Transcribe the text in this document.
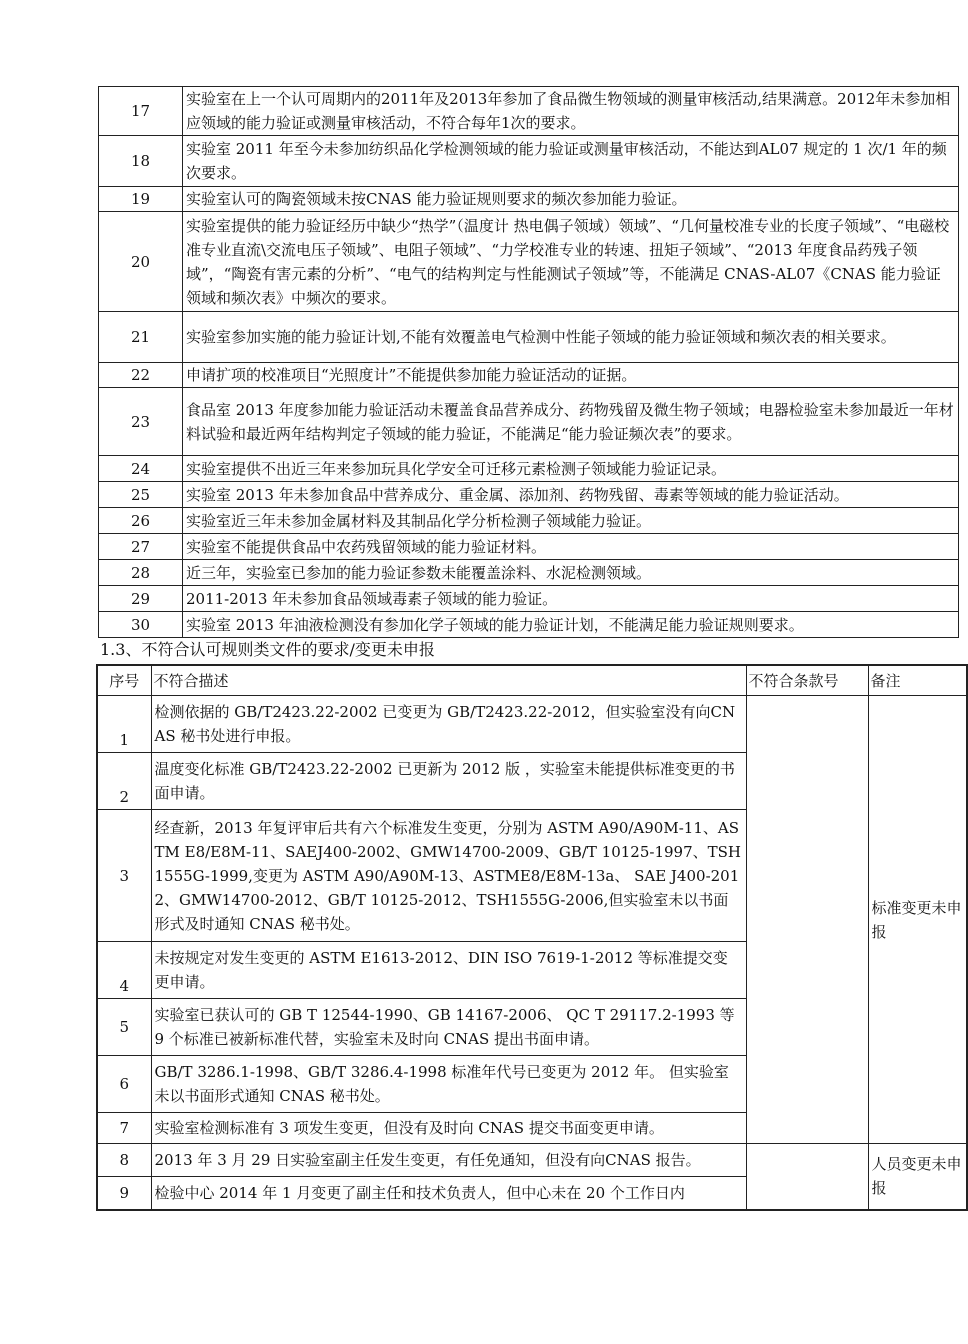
17	实验室在上一个认可周期内的2011年及2013年参加了食品微生物领域的测量审核活动,结果满意。2012年未参加相应领域的能力验证或测量审核活动，不符合每年1次的要求。
18	实验室 2011 年至今未参加纺织品化学检测领域的能力验证或测量审核活动，不能达到AL07 规定的 1 次/1 年的频次要求。
19	实验室认可的陶瓷领域未按CNAS 能力验证规则要求的频次参加能力验证。
20	实验室提供的能力验证经历中缺少“热学”（温度计 热电偶子领域）领域”、“几何量校准专业的长度子领域”、“电磁校准专业直流\交流电压子领域”、电阻子领域”、“力学校准专业的转速、扭矩子领域”、“2013 年度食品药残子领域”，“陶瓷有害元素的分析”、“电气的结构判定与性能测试子领域”等，不能满足 CNAS-AL07《CNAS 能力验证领域和频次表》中频次的要求。
21	实验室参加实施的能力验证计划,不能有效覆盖电气检测中性能子领域的能力验证领域和频次表的相关要求。
22	申请扩项的校准项目“光照度计”不能提供参加能力验证活动的证据。
23	食品室 2013 年度参加能力验证活动未覆盖食品营养成分、药物残留及微生物子领域；电器检验室未参加最近一年材料试验和最近两年结构判定子领域的能力验证，不能满足“能力验证频次表”的要求。
24	实验室提供不出近三年来参加玩具化学安全可迁移元素检测子领域能力验证记录。
25	实验室 2013 年未参加食品中营养成分、重金属、添加剂、药物残留、毒素等领域的能力验证活动。
26	实验室近三年未参加金属材料及其制品化学分析检测子领域能力验证。
27	实验室不能提供食品中农药残留领域的能力验证材料。
28	近三年，实验室已参加的能力验证参数未能覆盖涂料、水泥检测领域。
29	2011-2013 年未参加食品领域毒素子领域的能力验证。
30	实验室 2013 年油液检测没有参加化学子领域的能力验证计划，不能满足能力验证规则要求。
1.3、不符合认可规则类文件的要求/变更未申报
序号	不符合描述	不符合条款号	备注
1	检测依据的 GB/T2423.22-2002 已变更为 GB/T2423.22-2012，但实验室没有向CNAS 秘书处进行申报。		标准变更未申报

2	温度变化标准 GB/T2423.22-2002 已更新为 2012 版 ，实验室未能提供标准变更的书面申请。		
3	经查新，2013 年复评审后共有六个标准发生变更，分别为 ASTM A90/A90M-11、ASTM E8/E8M-11、SAEJ400-2002、GMW14700-2009、GB/T 10125-1997、TSH1555G-1999,变更为 ASTM A90/A90M-13、ASTME8/E8M-13a、 SAE J400-2012、GMW14700-2012、GB/T 10125-2012、TSH1555G-2006,但实验室未以书面形式及时通知 CNAS 秘书处。		
4	未按规定对发生变更的 ASTM E1613-2012、DIN ISO 7619-1-2012 等标准提交变更申请。		
5	实验室已获认可的 GB T 12544-1990、GB 14167-2006、 QC T 29117.2-1993 等 9 个标准已被新标准代替，实验室未及时向 CNAS 提出书面申请。		
6	GB/T 3286.1-1998、GB/T 3286.4-1998 标准年代号已变更为 2012 年。 但实验室未以书面形式通知 CNAS 秘书处。		
7	实验室检测标准有 3 项发生变更，但没有及时向 CNAS 提交书面变更申请。		
8	2013 年 3 月 29 日实验室副主任发生变更，有任免通知，但没有向CNAS 报告。		人员变更未申报

9	检验中心 2014 年 1 月变更了副主任和技术负责人，但中心未在 20 个工作日内		
